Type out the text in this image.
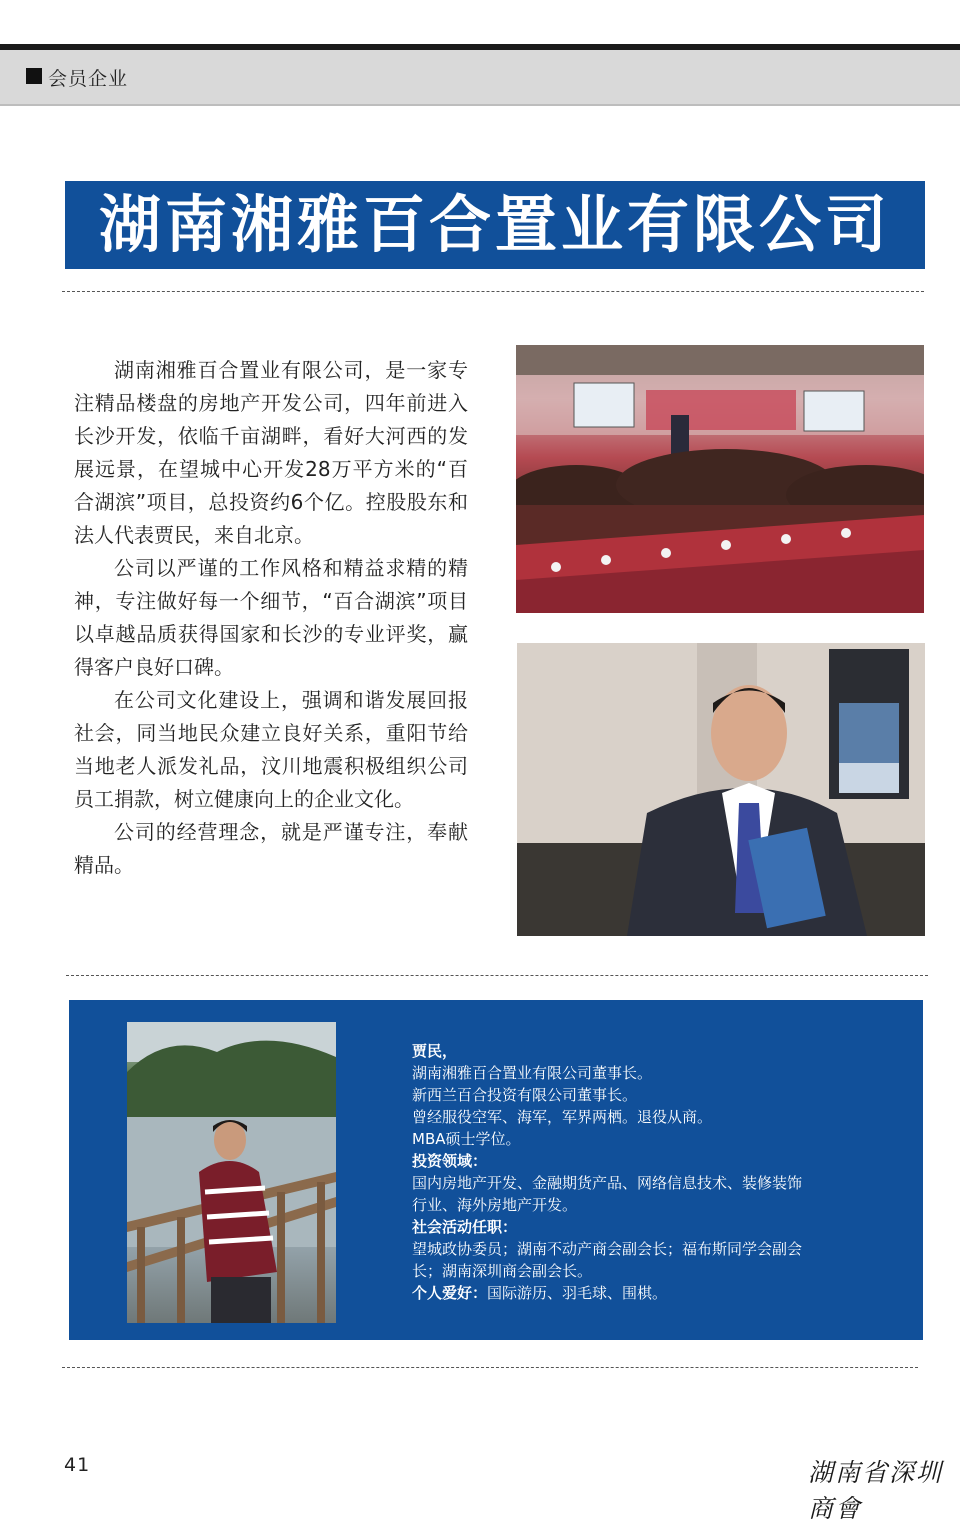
会员企业
湖南湘雅百合置业有限公司

湖南湘雅百合置业有限公司，是一家专注精品楼盘的房地产开发公司，四年前进入长沙开发，依临千亩湖畔，看好大河西的发展远景，在望城中心开发28万平方米的“百合湖滨”项目，总投资约6个亿。控股股东和法人代表贾民，来自北京。

公司以严谨的工作风格和精益求精的精神，专注做好每一个细节，“百合湖滨”项目以卓越品质获得国家和长沙的专业评奖，赢得客户良好口碑。

在公司文化建设上，强调和谐发展回报社会，同当地民众建立良好关系，重阳节给当地老人派发礼品，汶川地震积极组织公司员工捐款，树立健康向上的企业文化。

公司的经营理念，就是严谨专注，奉献精品。

贾民，
湖南湘雅百合置业有限公司董事长。
新西兰百合投资有限公司董事长。
曾经服役空军、海军，军界两栖。退役从商。
MBA硕士学位。
投资领域：
国内房地产开发、金融期货产品、网络信息技术、装修装饰
行业、海外房地产开发。
社会活动任职：
望城政协委员；湖南不动产商会副会长；福布斯同学会副会
长；湖南深圳商会副会长。
个人爱好：国际游历、羽毛球、围棋。
41	湖南省深圳商會
